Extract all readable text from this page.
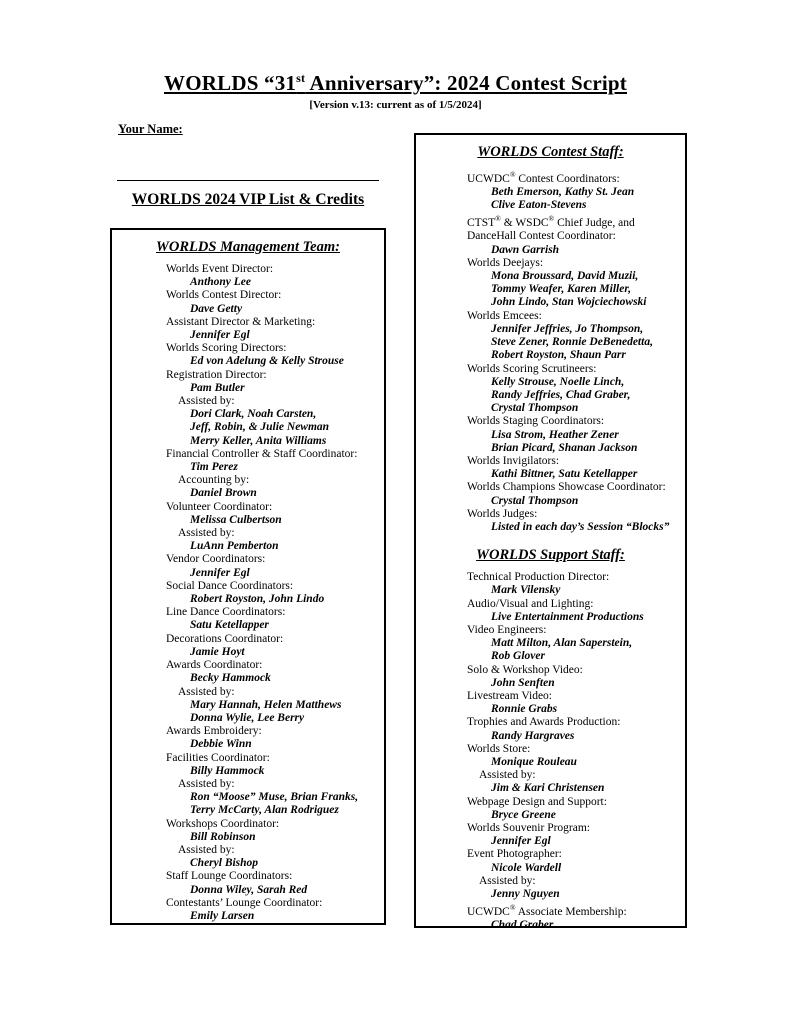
WORLDS “31st Anniversary”: 2024 Contest Script
[Version v.13: current as of 1/5/2024]
Your Name:
WORLDS 2024 VIP List & Credits
WORLDS Management Team:
Worlds Event Director:
Anthony Lee
Worlds Contest Director:
Dave Getty
Assistant Director & Marketing:
Jennifer Egl
Worlds Scoring Directors:
Ed von Adelung & Kelly Strouse
Registration Director:
Pam Butler
Assisted by:
Dori Clark, Noah Carsten,
Jeff, Robin, & Julie Newman
Merry Keller, Anita Williams
Financial Controller & Staff Coordinator:
Tim Perez
Accounting by:
Daniel Brown
Volunteer Coordinator:
Melissa Culbertson
Assisted by:
LuAnn Pemberton
Vendor Coordinators:
Jennifer Egl
Social Dance Coordinators:
Robert Royston, John Lindo
Line Dance Coordinators:
Satu Ketellapper
Decorations Coordinator:
Jamie Hoyt
Awards Coordinator:
Becky Hammock
Assisted by:
Mary Hannah, Helen Matthews
Donna Wylie, Lee Berry
Awards Embroidery:
Debbie Winn
Facilities Coordinator:
Billy Hammock
Assisted by:
Ron “Moose” Muse, Brian Franks,
Terry McCarty, Alan Rodriguez
Workshops Coordinator:
Bill Robinson
Assisted by:
Cheryl Bishop
Staff Lounge Coordinators:
Donna Wiley, Sarah Red
Contestants’ Lounge Coordinator:
Emily Larsen
WORLDS Contest Staff:
UCWDC® Contest Coordinators:
Beth Emerson, Kathy St. Jean
Clive Eaton-Stevens
CTST® & WSDC® Chief Judge, and
DanceHall Contest Coordinator:
Dawn Garrish
Worlds Deejays:
Mona Broussard, David Muzii,
Tommy Weafer, Karen Miller,
John Lindo, Stan Wojciechowski
Worlds Emcees:
Jennifer Jeffries, Jo Thompson,
Steve Zener, Ronnie DeBenedetta,
Robert Royston, Shaun Parr
Worlds Scoring Scrutineers:
Kelly Strouse, Noelle Linch,
Randy Jeffries, Chad Graber,
Crystal Thompson
Worlds Staging Coordinators:
Lisa Strom, Heather Zener
Brian Picard, Shanan Jackson
Worlds Invigilators:
Kathi Bittner, Satu Ketellapper
Worlds Champions Showcase Coordinator:
Crystal Thompson
Worlds Judges:
Listed in each day’s Session “Blocks”
WORLDS Support Staff:
Technical Production Director:
Mark Vilensky
Audio/Visual and Lighting:
Live Entertainment Productions
Video Engineers:
Matt Milton, Alan Saperstein,
Rob Glover
Solo & Workshop Video:
John Senften
Livestream Video:
Ronnie Grabs
Trophies and Awards Production:
Randy Hargraves
Worlds Store:
Monique Rouleau
Assisted by:
Jim & Kari Christensen
Webpage Design and Support:
Bryce Greene
Worlds Souvenir Program:
Jennifer Egl
Event Photographer:
Nicole Wardell
Assisted by:
Jenny Nguyen
UCWDC® Associate Membership:
Chad Graber
